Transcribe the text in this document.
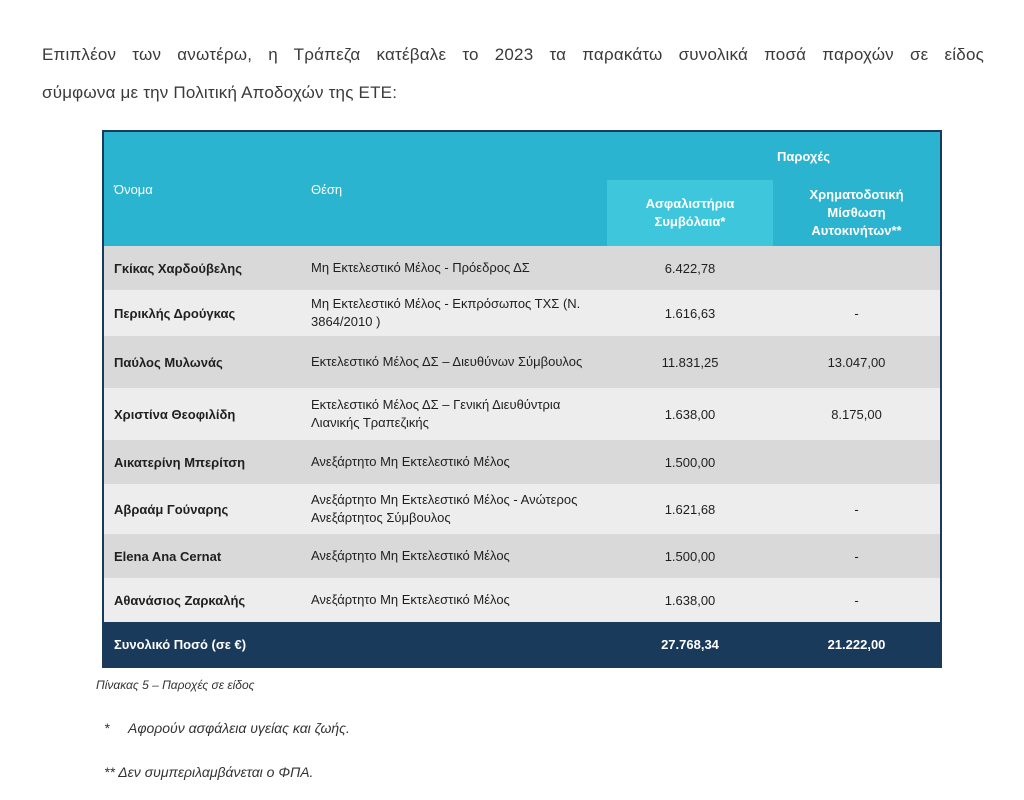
Επιπλέον των ανωτέρω, η Τράπεζα κατέβαλε το 2023 τα παρακάτω συνολικά ποσά παροχών σε είδος
σύμφωνα με την Πολιτική Αποδοχών της ΕΤΕ:
Όνομα	Θέση	Παροχές	
		Ασφαλιστήρια Συμβόλαια*	Χρηματοδοτική Μίσθωση Αυτοκινήτων**
Γκίκας Χαρδούβελης	Μη Εκτελεστικό Μέλος - Πρόεδρος ΔΣ	6.422,78	
Περικλής Δρούγκας	Μη Εκτελεστικό Μέλος - Εκπρόσωπος ΤΧΣ (Ν. 3864/2010 )	1.616,63	-
Παύλος Μυλωνάς	Εκτελεστικό Μέλος ΔΣ – Διευθύνων Σύμβουλος	11.831,25	13.047,00
Χριστίνα Θεοφιλίδη	Εκτελεστικό Μέλος ΔΣ – Γενική Διευθύντρια Λιανικής Τραπεζικής	1.638,00	8.175,00
Αικατερίνη Μπερίτση	Ανεξάρτητο Μη Εκτελεστικό Μέλος	1.500,00	
Αβραάμ Γούναρης	Ανεξάρτητο Μη Εκτελεστικό Μέλος - Ανώτερος Ανεξάρτητος Σύμβουλος	1.621,68	-
Elena Ana Cernat	Ανεξάρτητο Μη Εκτελεστικό Μέλος	1.500,00	-
Αθανάσιος Ζαρκαλής	Ανεξάρτητο Μη Εκτελεστικό Μέλος	1.638,00	-
Συνολικό Ποσό (σε €)		27.768,34	21.222,00
Πίνακας 5 – Παροχές σε είδος
* Αφορούν ασφάλεια υγείας και ζωής.
** Δεν συμπεριλαμβάνεται ο ΦΠΑ.
